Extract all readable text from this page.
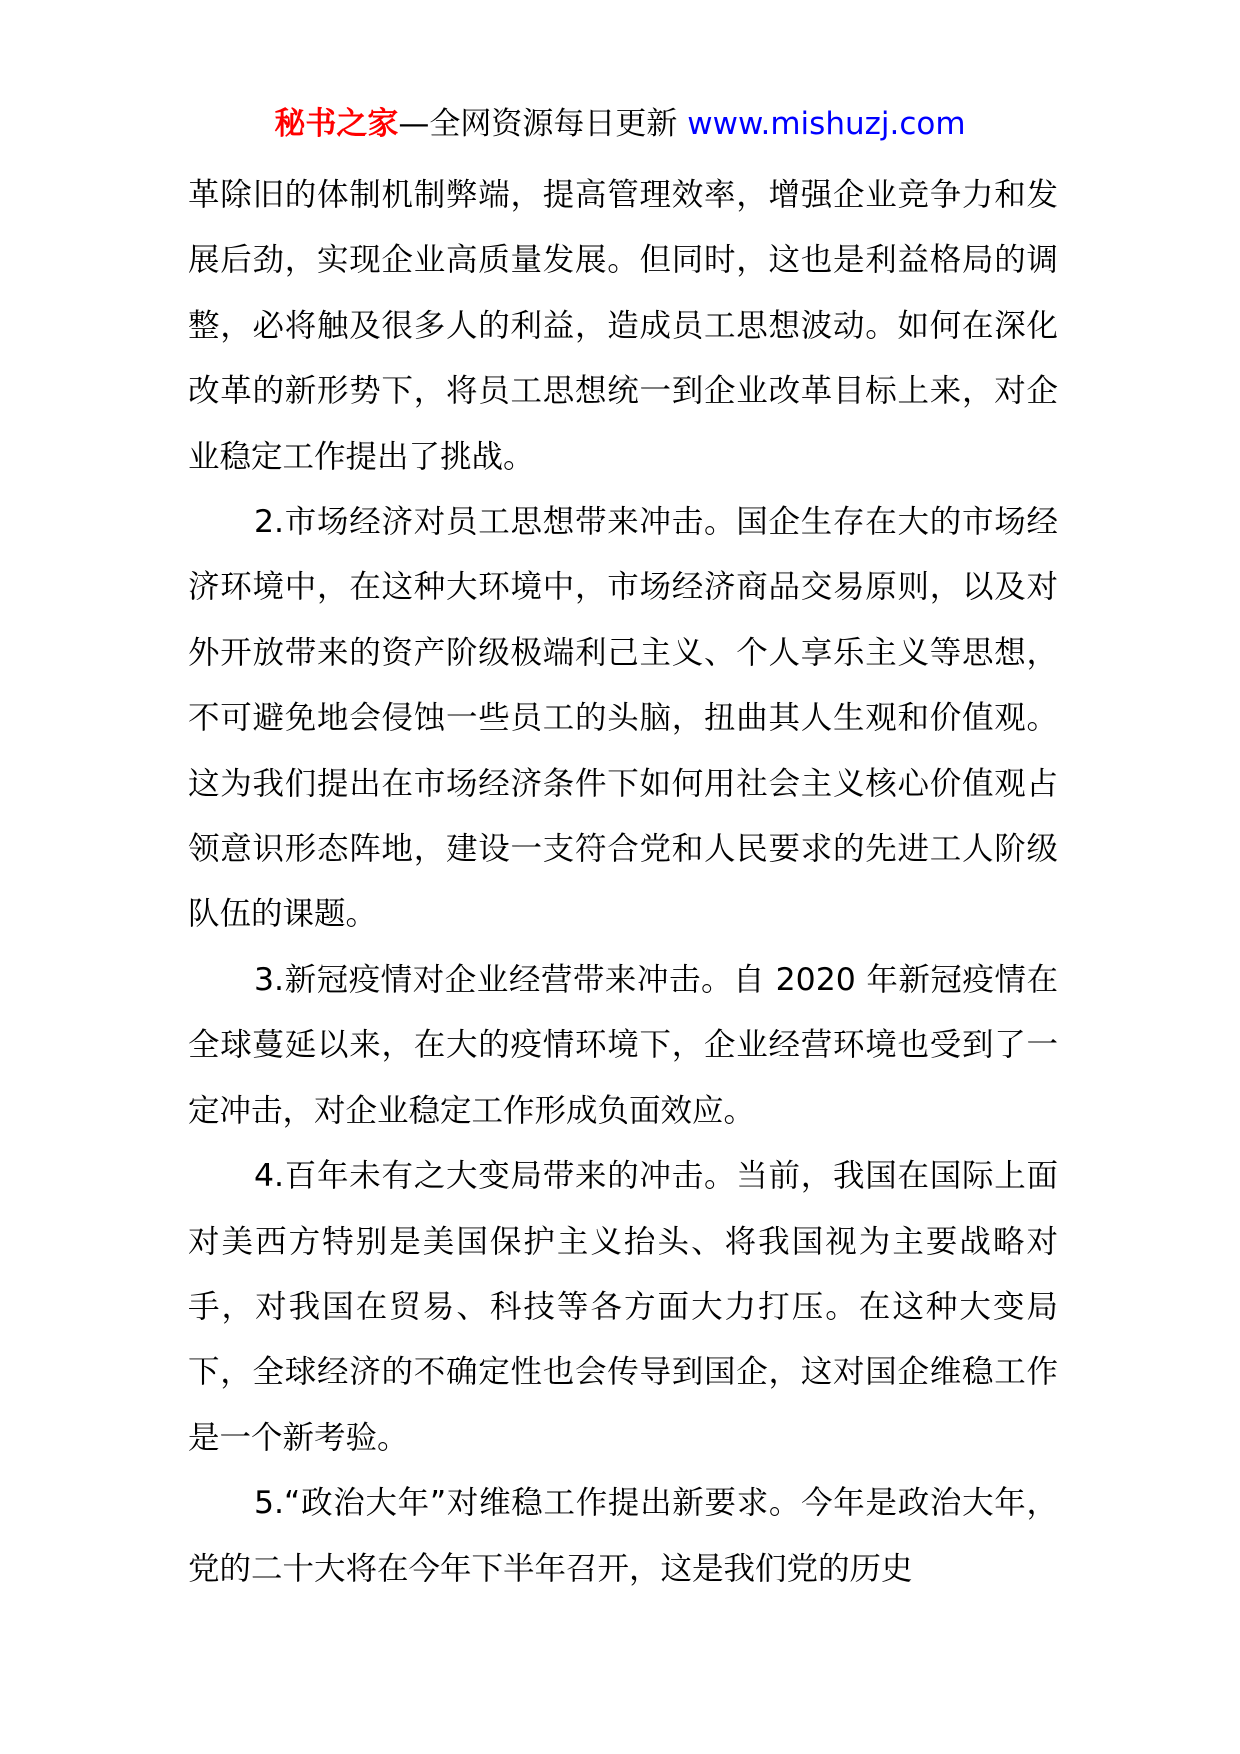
秘书之家—全网资源每日更新 www.mishuzj.com

革除旧的体制机制弊端，提高管理效率，增强企业竞争力和发展后劲，实现企业高质量发展。但同时，这也是利益格局的调整，必将触及很多人的利益，造成员工思想波动。如何在深化改革的新形势下，将员工思想统一到企业改革目标上来，对企业稳定工作提出了挑战。

2.市场经济对员工思想带来冲击。国企生存在大的市场经济环境中，在这种大环境中，市场经济商品交易原则，以及对外开放带来的资产阶级极端利己主义、个人享乐主义等思想，不可避免地会侵蚀一些员工的头脑，扭曲其人生观和价值观。这为我们提出在市场经济条件下如何用社会主义核心价值观占领意识形态阵地，建设一支符合党和人民要求的先进工人阶级队伍的课题。

3.新冠疫情对企业经营带来冲击。自 2020 年新冠疫情在全球蔓延以来，在大的疫情环境下，企业经营环境也受到了一定冲击，对企业稳定工作形成负面效应。

4.百年未有之大变局带来的冲击。当前，我国在国际上面对美西方特别是美国保护主义抬头、将我国视为主要战略对手，对我国在贸易、科技等各方面大力打压。在这种大变局下，全球经济的不确定性也会传导到国企，这对国企维稳工作是一个新考验。

5.“政治大年”对维稳工作提出新要求。今年是政治大年，党的二十大将在今年下半年召开，这是我们党的历史
